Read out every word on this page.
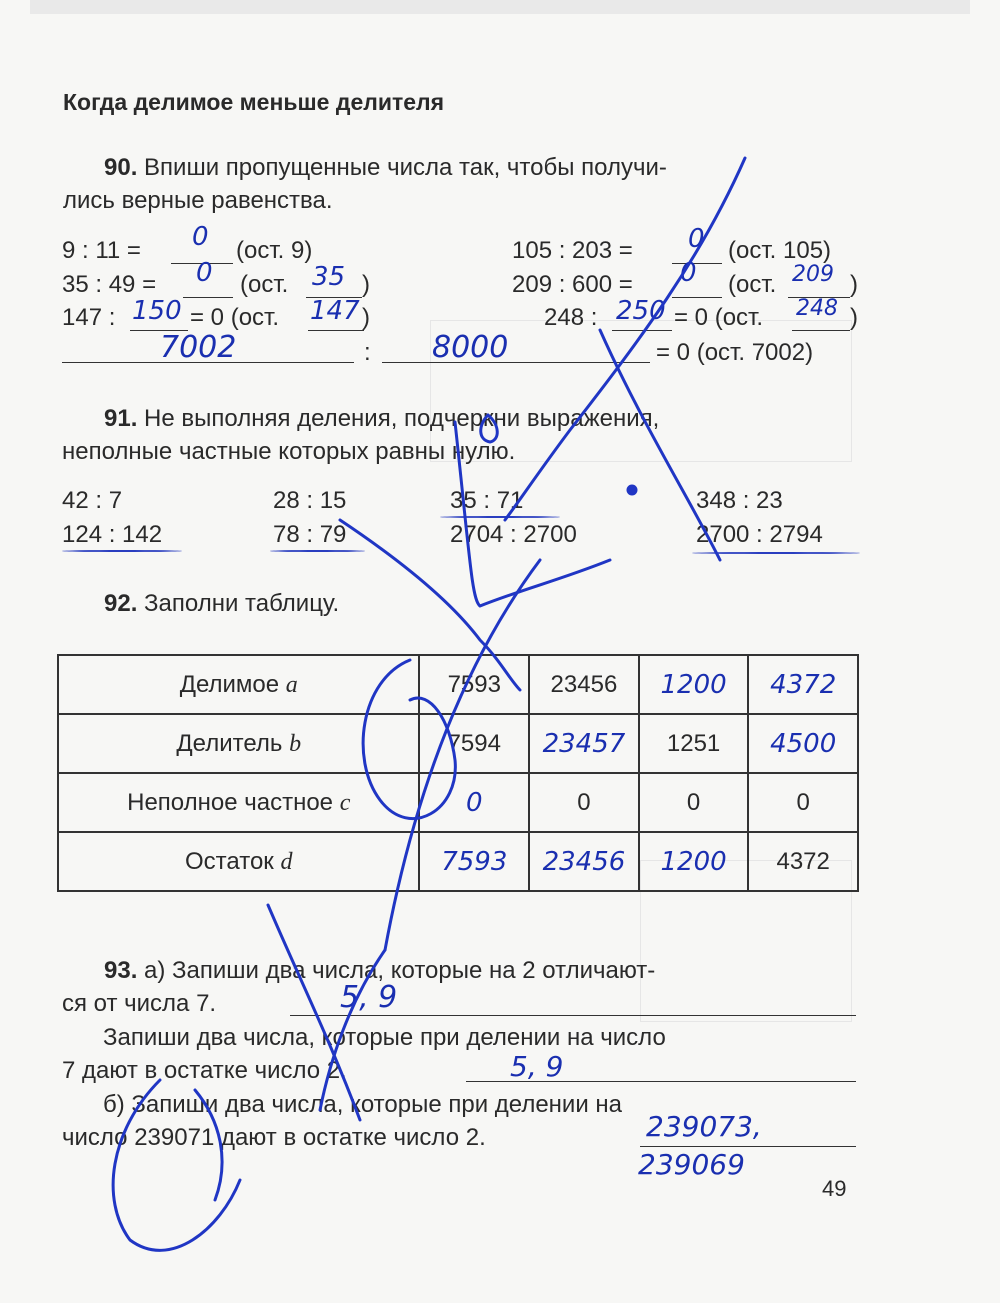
Когда делимое меньше делителя
90. Впиши пропущенные числа так, чтобы получи-
лись верные равенства.
9 : 11 = 0 (ост. 9)
35 : 49 = 0 (ост. 35 )
147 : 150 = 0 (ост. 147 )
105 : 203 = 0 (ост. 105)
209 : 600 = 0 (ост. 209 )
248 : 250 = 0 (ост. 248 )
7002	: 8000	= 0 (ост. 7002)
91. Не выполняя деления, подчеркни выражения,
неполные частные которых равны нулю.
42 : 7
124 : 142
28 : 15
78 : 79
35 : 71
2704 : 2700
348 : 23
2700 : 2794
92. Заполни таблицу.
Делимое a	7593	23456	1200	4372
Делитель b	7594	23457	1251	4500
Неполное частное c	0	0	0	0
Остаток d	7593	23456	1200	4372
93. а) Запиши два числа, которые на 2 отличают-
ся от числа 7.	5, 9
Запиши два числа, которые при делении на число
7 дают в остатке число 2.	5, 9
б) Запиши два числа, которые при делении на
число 239071 дают в остатке число 2.	239073,
239069
49
